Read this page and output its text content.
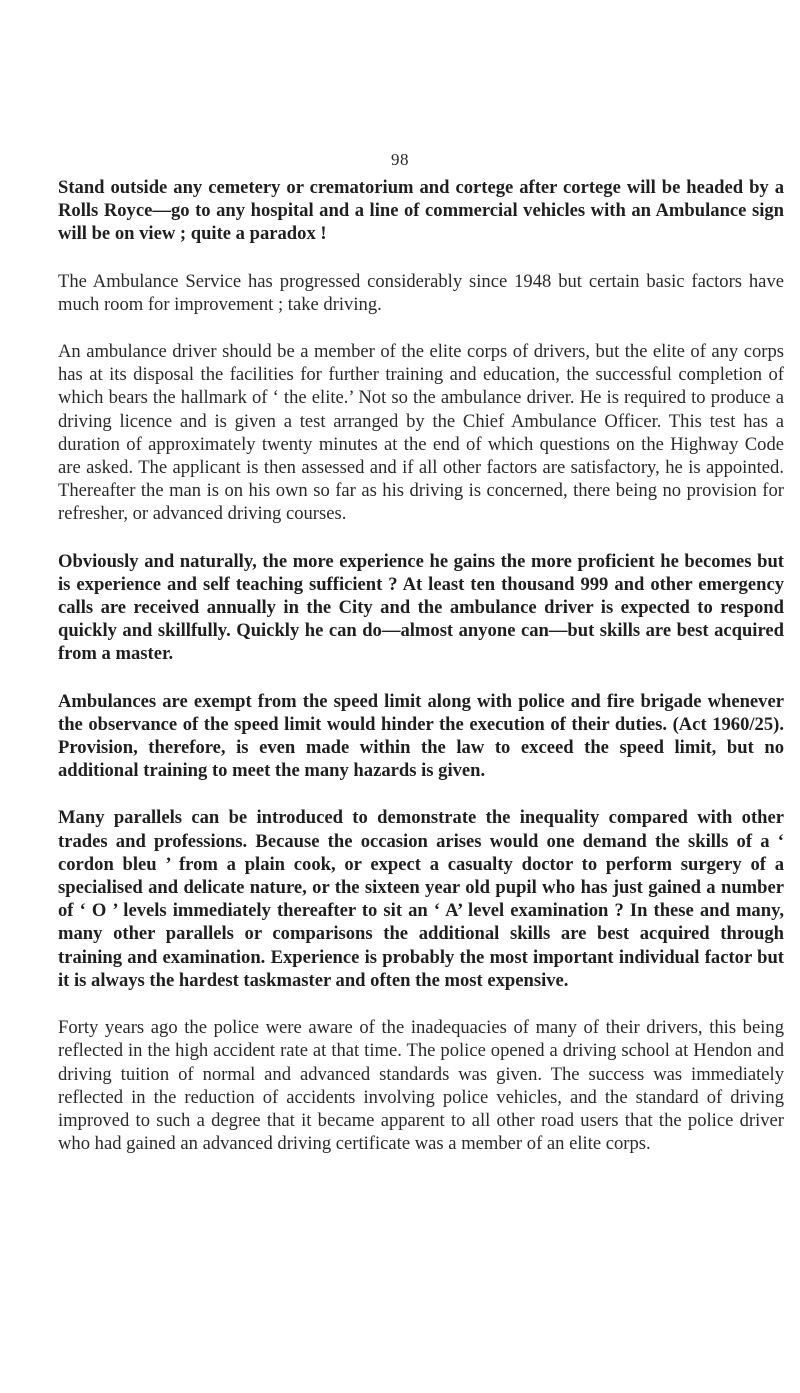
98

Stand outside any cemetery or crematorium and cortege after cortege will be headed by a Rolls Royce—go to any hospital and a line of commercial vehicles with an Ambulance sign will be on view ; quite a paradox !

The Ambulance Service has progressed considerably since 1948 but certain basic factors have much room for improvement ; take driving.

An ambulance driver should be a member of the elite corps of drivers, but the elite of any corps has at its disposal the facilities for further training and education, the successful completion of which bears the hallmark of ‘ the elite.’ Not so the ambulance driver. He is required to produce a driving licence and is given a test arranged by the Chief Ambulance Officer. This test has a duration of approximately twenty minutes at the end of which questions on the Highway Code are asked. The applicant is then assessed and if all other factors are satisfactory, he is appointed. Thereafter the man is on his own so far as his driving is concerned, there being no provision for refresher, or advanced driving courses.

Obviously and naturally, the more experience he gains the more proficient he becomes but is experience and self teaching sufficient ? At least ten thousand 999 and other emergency calls are received annually in the City and the ambulance driver is expected to respond quickly and skillfully. Quickly he can do—almost anyone can—but skills are best acquired from a master.

Ambulances are exempt from the speed limit along with police and fire brigade whenever the observance of the speed limit would hinder the execution of their duties. (Act 1960/25). Provision, therefore, is even made within the law to exceed the speed limit, but no additional training to meet the many hazards is given.

Many parallels can be introduced to demonstrate the inequality compared with other trades and professions. Because the occasion arises would one demand the skills of a ‘ cordon bleu ’ from a plain cook, or expect a casualty doctor to perform surgery of a specialised and delicate nature, or the sixteen year old pupil who has just gained a number of ‘ O ’ levels immediately thereafter to sit an ‘ A’ level examination ? In these and many, many other parallels or comparisons the additional skills are best acquired through training and examination. Experience is probably the most important individual factor but it is always the hardest taskmaster and often the most expensive.

Forty years ago the police were aware of the inadequacies of many of their drivers, this being reflected in the high accident rate at that time. The police opened a driving school at Hendon and driving tuition of normal and advanced standards was given. The success was immediately reflected in the reduction of accidents involving police vehicles, and the standard of driving improved to such a degree that it became apparent to all other road users that the police driver who had gained an advanced driving certificate was a member of an elite corps.
